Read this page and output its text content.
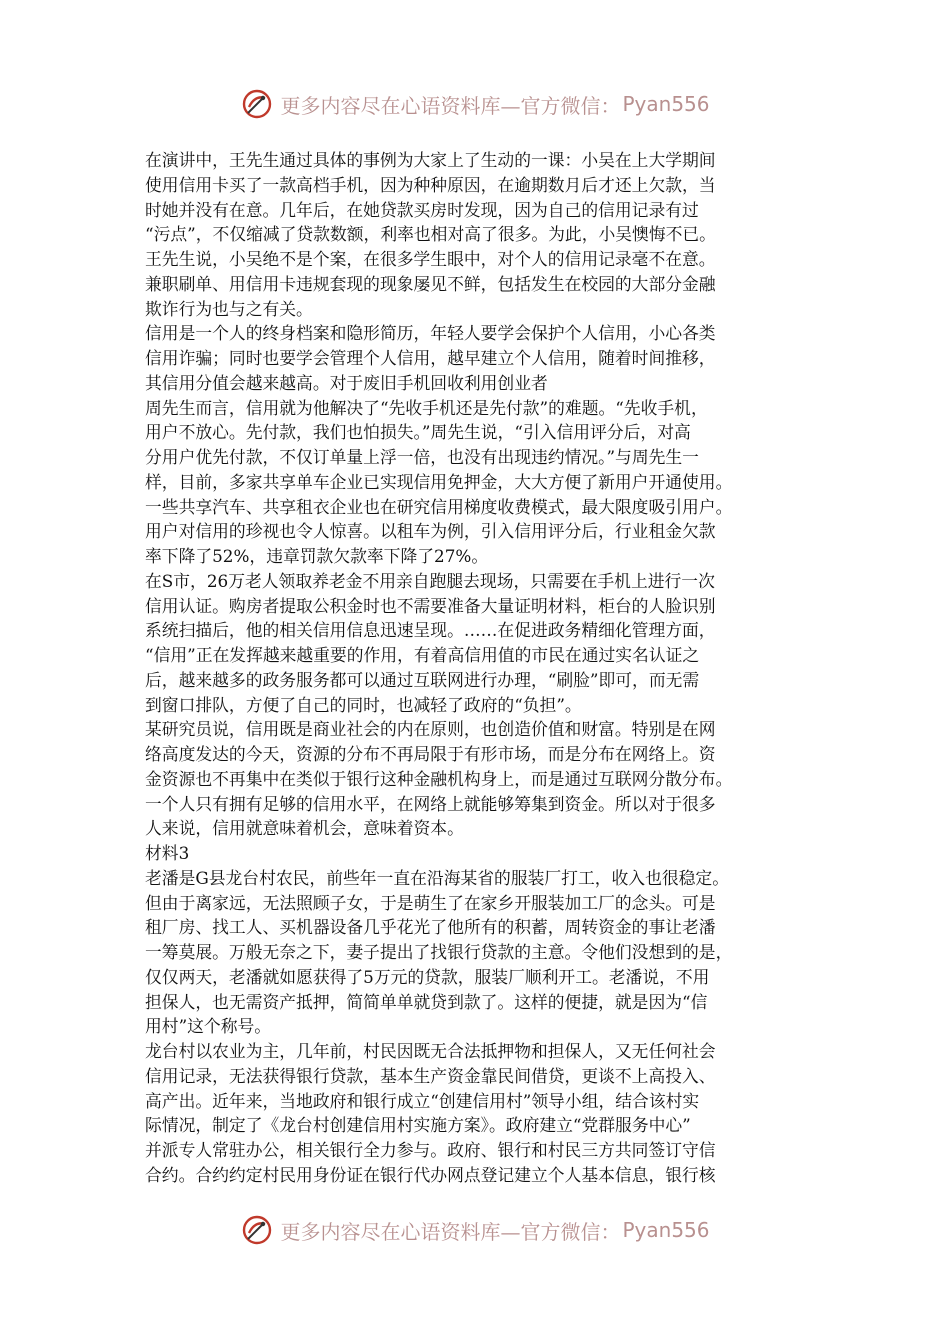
更多内容尽在心语资料库—官方微信： Pyan556

在演讲中，王先生通过具体的事例为大家上了生动的一课：小吴在上大学期间

使用信用卡买了一款高档手机，因为种种原因，在逾期数月后才还上欠款，当

时她并没有在意。几年后，在她贷款买房时发现，因为自己的信用记录有过

“污点”，不仅缩减了贷款数额，利率也相对高了很多。为此，小吴懊悔不已。

王先生说，小吴绝不是个案，在很多学生眼中，对个人的信用记录毫不在意。

兼职刷单、用信用卡违规套现的现象屡见不鲜，包括发生在校园的大部分金融

欺诈行为也与之有关。

信用是一个人的终身档案和隐形简历，年轻人要学会保护个人信用，小心各类

信用诈骗；同时也要学会管理个人信用，越早建立个人信用，随着时间推移，

其信用分值会越来越高。对于废旧手机回收利用创业者

周先生而言，信用就为他解决了“先收手机还是先付款”的难题。“先收手机，

用户不放心。先付款，我们也怕损失。”周先生说，“引入信用评分后，对高

分用户优先付款，不仅订单量上浮一倍，也没有出现违约情况。”与周先生一

样，目前，多家共享单车企业已实现信用免押金，大大方便了新用户开通使用。

一些共享汽车、共享租衣企业也在研究信用梯度收费模式，最大限度吸引用户。

用户对信用的珍视也令人惊喜。以租车为例，引入信用评分后，行业租金欠款

率下降了52%，违章罚款欠款率下降了27%。

在S市，26万老人领取养老金不用亲自跑腿去现场，只需要在手机上进行一次

信用认证。购房者提取公积金时也不需要准备大量证明材料，柜台的人脸识别

系统扫描后，他的相关信用信息迅速呈现。……在促进政务精细化管理方面，

“信用”正在发挥越来越重要的作用，有着高信用值的市民在通过实名认证之

后，越来越多的政务服务都可以通过互联网进行办理，“刷脸”即可，而无需

到窗口排队，方便了自己的同时，也减轻了政府的“负担”。

某研究员说，信用既是商业社会的内在原则，也创造价值和财富。特别是在网

络高度发达的今天，资源的分布不再局限于有形市场，而是分布在网络上。资

金资源也不再集中在类似于银行这种金融机构身上，而是通过互联网分散分布。

一个人只有拥有足够的信用水平，在网络上就能够筹集到资金。所以对于很多

人来说，信用就意味着机会，意味着资本。

材料3

老潘是G县龙台村农民，前些年一直在沿海某省的服装厂打工，收入也很稳定。

但由于离家远，无法照顾子女，于是萌生了在家乡开服装加工厂的念头。可是

租厂房、找工人、买机器设备几乎花光了他所有的积蓄，周转资金的事让老潘

一筹莫展。万般无奈之下，妻子提出了找银行贷款的主意。令他们没想到的是，

仅仅两天，老潘就如愿获得了5万元的贷款，服装厂顺利开工。老潘说，不用

担保人，也无需资产抵押，简简单单就贷到款了。这样的便捷，就是因为“信

用村”这个称号。

龙台村以农业为主，几年前，村民因既无合法抵押物和担保人，又无任何社会

信用记录，无法获得银行贷款，基本生产资金靠民间借贷，更谈不上高投入、

高产出。近年来，当地政府和银行成立“创建信用村”领导小组，结合该村实

际情况，制定了《龙台村创建信用村实施方案》。政府建立“党群服务中心”

并派专人常驻办公，相关银行全力参与。政府、银行和村民三方共同签订守信

合约。合约约定村民用身份证在银行代办网点登记建立个人基本信息，银行核

更多内容尽在心语资料库—官方微信： Pyan556
